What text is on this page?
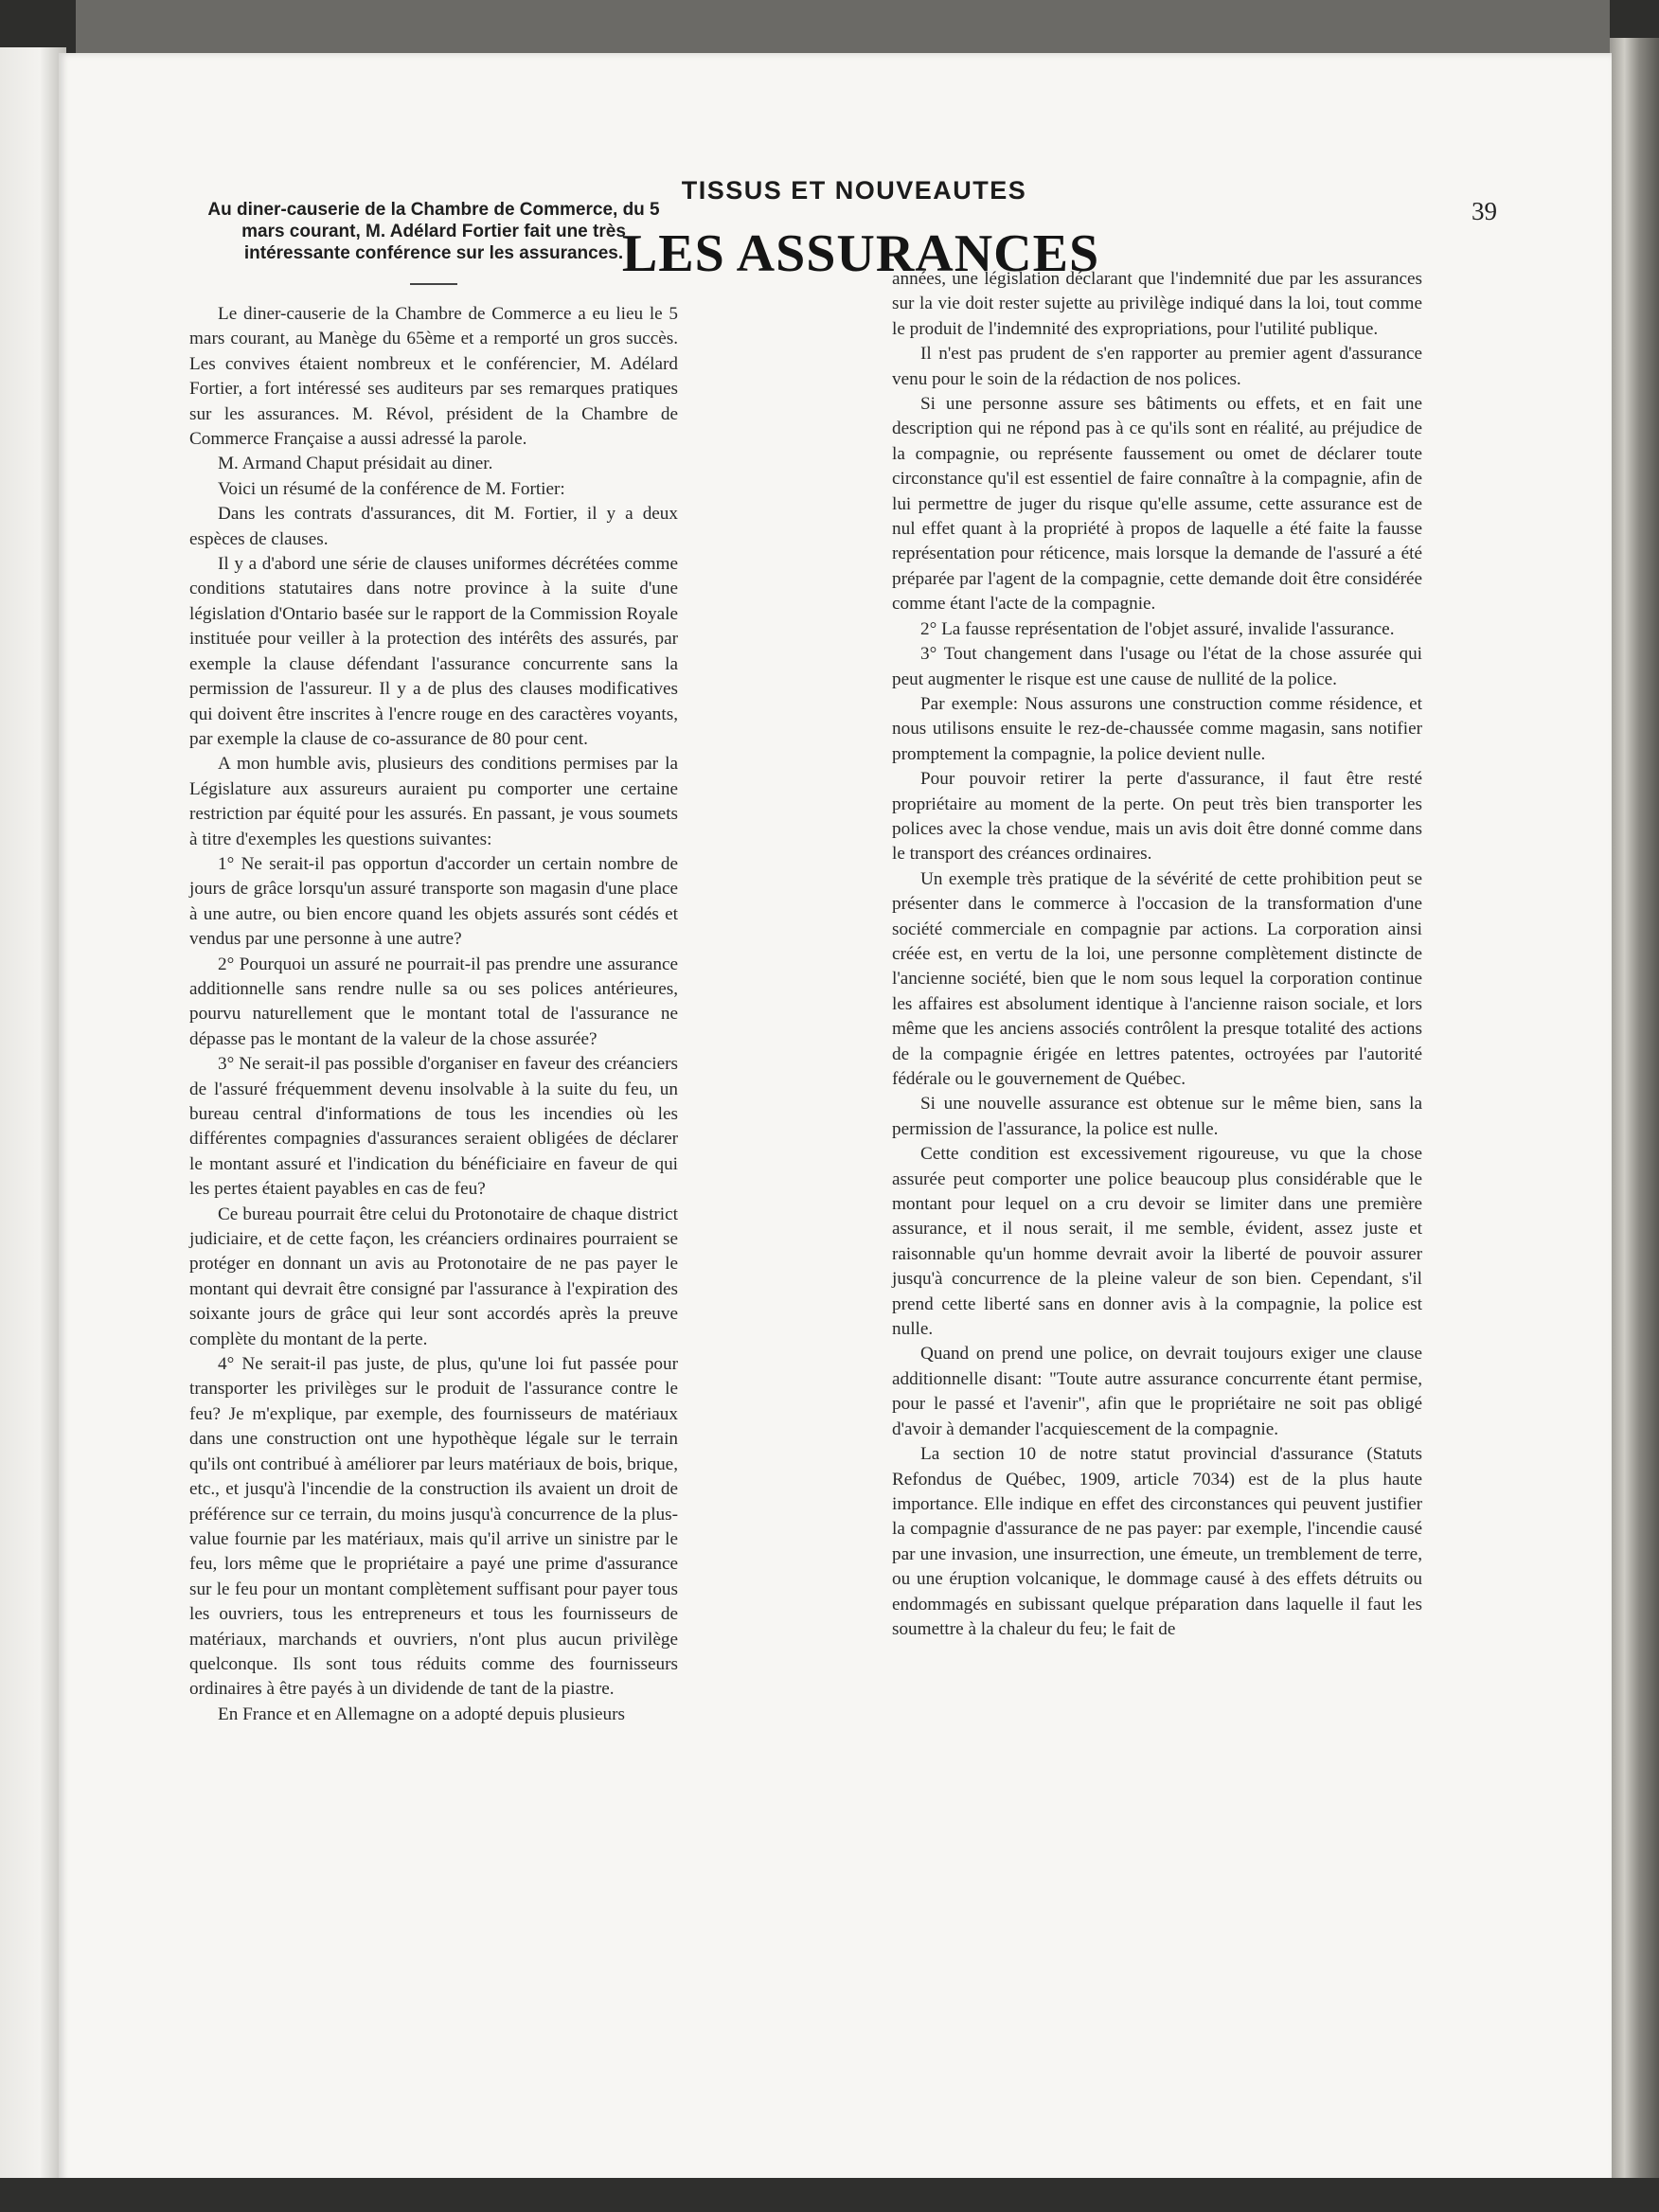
TISSUS ET NOUVEAUTES
39
LES ASSURANCES
Au diner-causerie de la Chambre de Commerce, du 5 mars courant, M. Adélard Fortier fait une très intéressante conférence sur les assurances.

Le diner-causerie de la Chambre de Commerce a eu lieu le 5 mars courant, au Manège du 65ème et a remporté un gros succès. Les convives étaient nombreux et le conférencier, M. Adélard Fortier, a fort intéressé ses auditeurs par ses remarques pratiques sur les assurances. M. Révol, président de la Chambre de Commerce Française a aussi adressé la parole.

M. Armand Chaput présidait au diner.

Voici un résumé de la conférence de M. Fortier:

Dans les contrats d'assurances, dit M. Fortier, il y a deux espèces de clauses.

Il y a d'abord une série de clauses uniformes décrétées comme conditions statutaires dans notre province à la suite d'une législation d'Ontario basée sur le rapport de la Commission Royale instituée pour veiller à la protection des intérêts des assurés, par exemple la clause défendant l'assurance concurrente sans la permission de l'assureur. Il y a de plus des clauses modificatives qui doivent être inscrites à l'encre rouge en des caractères voyants, par exemple la clause de co-assurance de 80 pour cent.

A mon humble avis, plusieurs des conditions permises par la Législature aux assureurs auraient pu comporter une certaine restriction par équité pour les assurés. En passant, je vous soumets à titre d'exemples les questions suivantes:

1° Ne serait-il pas opportun d'accorder un certain nombre de jours de grâce lorsqu'un assuré transporte son magasin d'une place à une autre, ou bien encore quand les objets assurés sont cédés et vendus par une personne à une autre?

2° Pourquoi un assuré ne pourrait-il pas prendre une assurance additionnelle sans rendre nulle sa ou ses polices antérieures, pourvu naturellement que le montant total de l'assurance ne dépasse pas le montant de la valeur de la chose assurée?

3° Ne serait-il pas possible d'organiser en faveur des créanciers de l'assuré fréquemment devenu insolvable à la suite du feu, un bureau central d'informations de tous les incendies où les différentes compagnies d'assurances seraient obligées de déclarer le montant assuré et l'indication du bénéficiaire en faveur de qui les pertes étaient payables en cas de feu?

Ce bureau pourrait être celui du Protonotaire de chaque district judiciaire, et de cette façon, les créanciers ordinaires pourraient se protéger en donnant un avis au Protonotaire de ne pas payer le montant qui devrait être consigné par l'assurance à l'expiration des soixante jours de grâce qui leur sont accordés après la preuve complète du montant de la perte.

4° Ne serait-il pas juste, de plus, qu'une loi fut passée pour transporter les privilèges sur le produit de l'assurance contre le feu? Je m'explique, par exemple, des fournisseurs de matériaux dans une construction ont une hypothèque légale sur le terrain qu'ils ont contribué à améliorer par leurs matériaux de bois, brique, etc., et jusqu'à l'incendie de la construction ils avaient un droit de préférence sur ce terrain, du moins jusqu'à concurrence de la plus-value fournie par les matériaux, mais qu'il arrive un sinistre par le feu, lors même que le propriétaire a payé une prime d'assurance sur le feu pour un montant complètement suffisant pour payer tous les ouvriers, tous les entrepreneurs et tous les fournisseurs de matériaux, marchands et ouvriers, n'ont plus aucun privilège quelconque. Ils sont tous réduits comme des fournisseurs ordinaires à être payés à un dividende de tant de la piastre.

En France et en Allemagne on a adopté depuis plusieurs

années, une législation déclarant que l'indemnité due par les assurances sur la vie doit rester sujette au privilège indiqué dans la loi, tout comme le produit de l'indemnité des expropriations, pour l'utilité publique.

Il n'est pas prudent de s'en rapporter au premier agent d'assurance venu pour le soin de la rédaction de nos polices.

Si une personne assure ses bâtiments ou effets, et en fait une description qui ne répond pas à ce qu'ils sont en réalité, au préjudice de la compagnie, ou représente faussement ou omet de déclarer toute circonstance qu'il est essentiel de faire connaître à la compagnie, afin de lui permettre de juger du risque qu'elle assume, cette assurance est de nul effet quant à la propriété à propos de laquelle a été faite la fausse représentation pour réticence, mais lorsque la demande de l'assuré a été préparée par l'agent de la compagnie, cette demande doit être considérée comme étant l'acte de la compagnie.

2° La fausse représentation de l'objet assuré, invalide l'assurance.

3° Tout changement dans l'usage ou l'état de la chose assurée qui peut augmenter le risque est une cause de nullité de la police.

Par exemple: Nous assurons une construction comme résidence, et nous utilisons ensuite le rez-de-chaussée comme magasin, sans notifier promptement la compagnie, la police devient nulle.

Pour pouvoir retirer la perte d'assurance, il faut être resté propriétaire au moment de la perte. On peut très bien transporter les polices avec la chose vendue, mais un avis doit être donné comme dans le transport des créances ordinaires.

Un exemple très pratique de la sévérité de cette prohibition peut se présenter dans le commerce à l'occasion de la transformation d'une société commerciale en compagnie par actions. La corporation ainsi créée est, en vertu de la loi, une personne complètement distincte de l'ancienne société, bien que le nom sous lequel la corporation continue les affaires est absolument identique à l'ancienne raison sociale, et lors même que les anciens associés contrôlent la presque totalité des actions de la compagnie érigée en lettres patentes, octroyées par l'autorité fédérale ou le gouvernement de Québec.

Si une nouvelle assurance est obtenue sur le même bien, sans la permission de l'assurance, la police est nulle.

Cette condition est excessivement rigoureuse, vu que la chose assurée peut comporter une police beaucoup plus considérable que le montant pour lequel on a cru devoir se limiter dans une première assurance, et il nous serait, il me semble, évident, assez juste et raisonnable qu'un homme devrait avoir la liberté de pouvoir assurer jusqu'à concurrence de la pleine valeur de son bien. Cependant, s'il prend cette liberté sans en donner avis à la compagnie, la police est nulle.

Quand on prend une police, on devrait toujours exiger une clause additionnelle disant: "Toute autre assurance concurrente étant permise, pour le passé et l'avenir", afin que le propriétaire ne soit pas obligé d'avoir à demander l'acquiescement de la compagnie.

La section 10 de notre statut provincial d'assurance (Statuts Refondus de Québec, 1909, article 7034) est de la plus haute importance. Elle indique en effet des circonstances qui peuvent justifier la compagnie d'assurance de ne pas payer: par exemple, l'incendie causé par une invasion, une insurrection, une émeute, un tremblement de terre, ou une éruption volcanique, le dommage causé à des effets détruits ou endommagés en subissant quelque préparation dans laquelle il faut les soumettre à la chaleur du feu; le fait de
